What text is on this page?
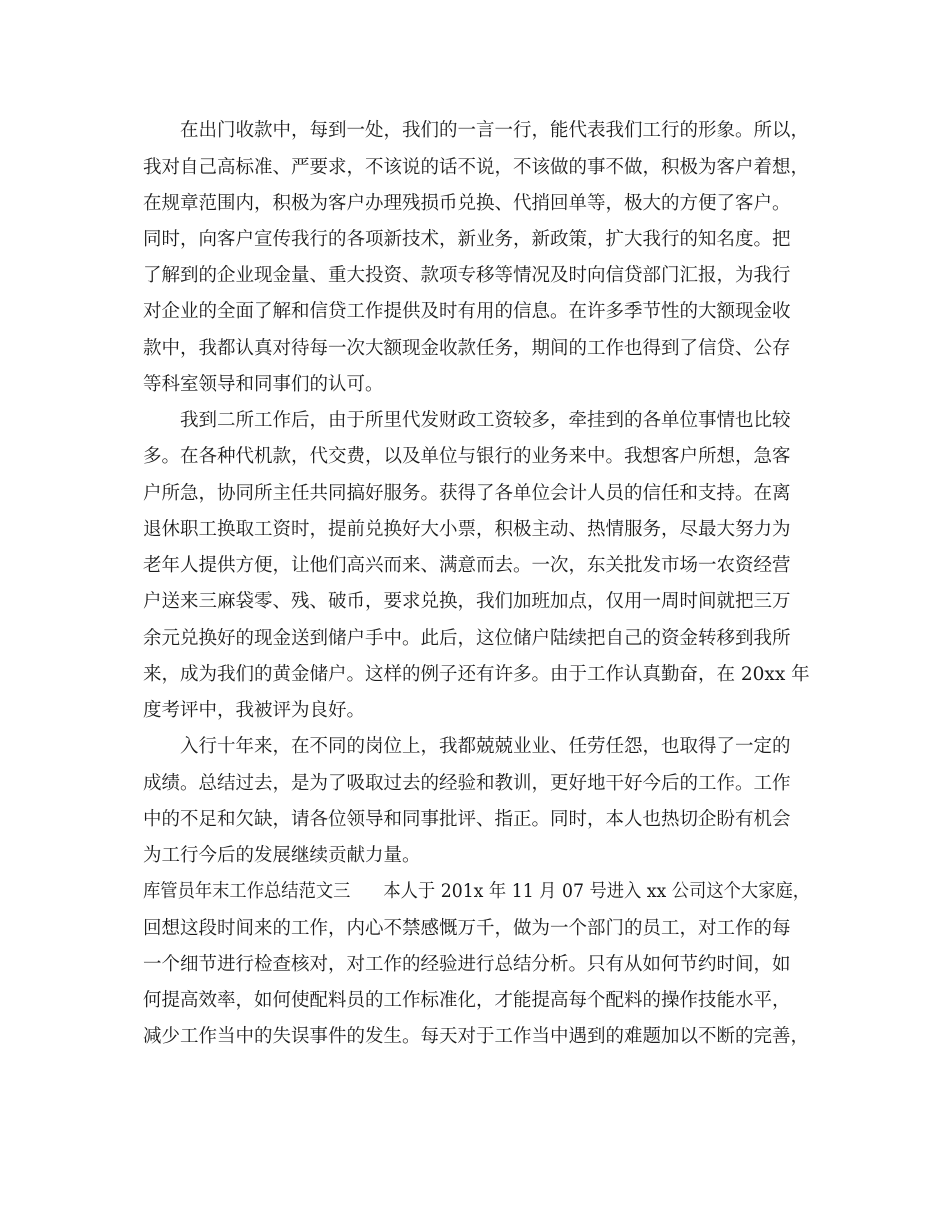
在出门收款中，每到一处，我们的一言一行，能代表我们工行的形象。所以，
我对自己高标准、严要求，不该说的话不说，不该做的事不做，积极为客户着想，
在规章范围内，积极为客户办理残损币兑换、代捎回单等，极大的方便了客户。
同时，向客户宣传我行的各项新技术，新业务，新政策，扩大我行的知名度。把
了解到的企业现金量、重大投资、款项专移等情况及时向信贷部门汇报，为我行
对企业的全面了解和信贷工作提供及时有用的信息。在许多季节性的大额现金收
款中，我都认真对待每一次大额现金收款任务，期间的工作也得到了信贷、公存
等科室领导和同事们的认可。
我到二所工作后，由于所里代发财政工资较多，牵挂到的各单位事情也比较
多。在各种代机款，代交费，以及单位与银行的业务来中。我想客户所想，急客
户所急，协同所主任共同搞好服务。获得了各单位会计人员的信任和支持。在离
退休职工换取工资时，提前兑换好大小票，积极主动、热情服务，尽最大努力为
老年人提供方便，让他们高兴而来、满意而去。一次，东关批发市场一农资经营
户送来三麻袋零、残、破币，要求兑换，我们加班加点，仅用一周时间就把三万
余元兑换好的现金送到储户手中。此后，这位储户陆续把自己的资金转移到我所
来，成为我们的黄金储户。这样的例子还有许多。由于工作认真勤奋，在 20xx 年
度考评中，我被评为良好。
入行十年来，在不同的岗位上，我都兢兢业业、任劳任怨，也取得了一定的
成绩。总结过去，是为了吸取过去的经验和教训，更好地干好今后的工作。工作
中的不足和欠缺，请各位领导和同事批评、指正。同时，本人也热切企盼有机会
为工行今后的发展继续贡献力量。
库管员年末工作总结范文三      本人于 201x 年 11 月 07 号进入 xx 公司这个大家庭，
回想这段时间来的工作，内心不禁感慨万千，做为一个部门的员工，对工作的每
一个细节进行检查核对，对工作的经验进行总结分析。只有从如何节约时间，如
何提高效率，如何使配料员的工作标准化，才能提高每个配料的操作技能水平，
减少工作当中的失误事件的发生。每天对于工作当中遇到的难题加以不断的完善，
